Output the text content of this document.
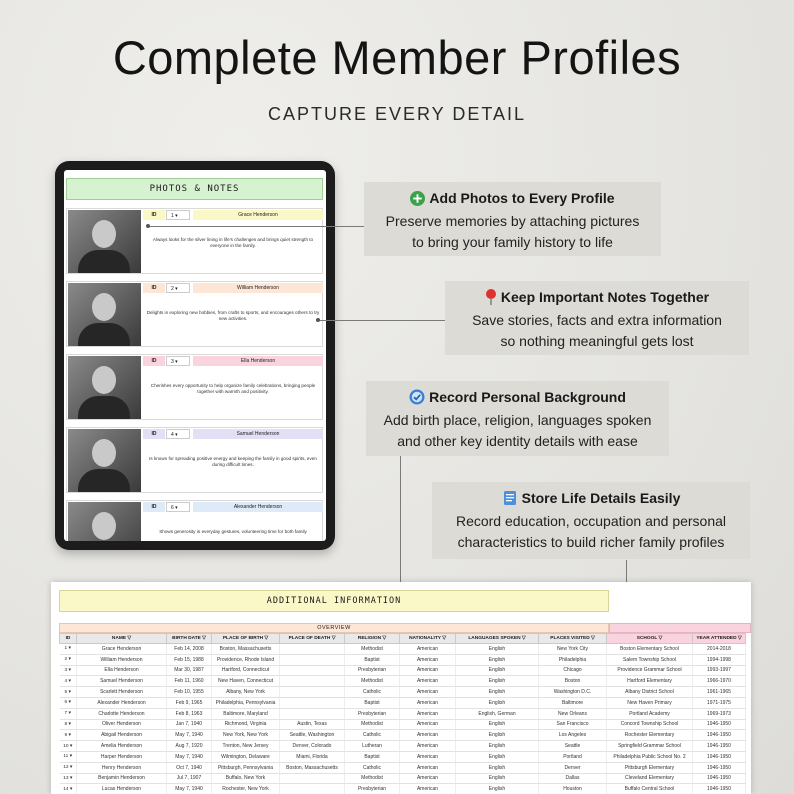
Complete Member Profiles
CAPTURE EVERY DETAIL
PHOTOS & NOTES
ID	1 ▾	Grace Henderson
Always looks for the silver lining in life's challenges and brings quiet strength to everyone in the family.
ID	2 ▾	William Henderson
Delights in exploring new hobbies, from crafts to sports, and encourages others to try new activities.
ID	3 ▾	Ella Henderson
Cherishes every opportunity to help organize family celebrations, bringing people together with warmth and positivity.
ID	4 ▾	Samuel Henderson
Is known for spreading positive energy and keeping the family in good spirits, even during difficult times.
ID	6 ▾	Alexander Henderson
Shows generosity in everyday gestures, volunteering time for both family
Add Photos to Every Profile
Preserve memories by attaching pictures
to bring your family history to life
Keep Important Notes Together
Save stories, facts and extra information
so nothing meaningful gets lost
Record Personal Background
Add birth place, religion, languages spoken
and other key identity details with ease
Store Life Details Easily
Record education, occupation and personal
characteristics to build richer family profiles
ADDITIONAL INFORMATION
OVERVIEW
ID	NAME ▽	BIRTH DATE ▽	PLACE OF BIRTH ▽	PLACE OF DEATH ▽	RELIGION ▽	NATIONALITY ▽	LANGUAGES SPOKEN ▽	PLACES VISITED ▽	SCHOOL ▽	YEAR ATTENDED ▽
1 ▾	Grace Henderson	Feb 14, 2008	Boston, Massachusetts		Methodist	American	English	New York City	Boston Elementary School	2014-2018
2 ▾	William Henderson	Feb 15, 1988	Providence, Rhode Island		Baptist	American	English	Philadelphia	Salem Township School	1994-1998
3 ▾	Ella Henderson	Mar 30, 1987	Hartford, Connecticut		Presbyterian	American	English	Chicago	Providence Grammar School	1993-1997
4 ▾	Samuel Henderson	Feb 11, 1960	New Haven, Connecticut		Methodist	American	English	Boston	Hartford Elementary	1966-1970
5 ▾	Scarlett Henderson	Feb 10, 1955	Albany, New York		Catholic	American	English	Washington D.C.	Albany District School	1961-1965
6 ▾	Alexander Henderson	Feb 9, 1965	Philadelphia, Pennsylvania		Baptist	American	English	Baltimore	New Haven Primary	1971-1975
7 ▾	Charlotte Henderson	Feb 8, 1963	Baltimore, Maryland		Presbyterian	American	English, German	New Orleans	Portland Academy	1969-1973
8 ▾	Oliver Henderson	Jan 7, 1940	Richmond, Virginia	Austin, Texas	Methodist	American	English	San Francisco	Concord Township School	1946-1950
9 ▾	Abigail Henderson	May 7, 1940	New York, New York	Seattle, Washington	Catholic	American	English	Los Angeles	Rochester Elementary	1946-1950
10 ▾	Amelia Henderson	Aug 7, 1920	Trenton, New Jersey	Denver, Colorado	Lutheran	American	English	Seattle	Springfield Grammar School	1946-1950
11 ▾	Harper Henderson	May 7, 1940	Wilmington, Delaware	Miami, Florida	Baptist	American	English	Portland	Philadelphia Public School No. 2	1946-1950
12 ▾	Henry Henderson	Oct 7, 1940	Pittsburgh, Pennsylvania	Boston, Massachusetts	Catholic	American	English	Denver	Pittsburgh Elementary	1946-1950
13 ▾	Benjamin Henderson	Jul 7, 1907	Buffalo, New York		Methodist	American	English	Dallas	Cleveland Elementary	1946-1950
14 ▾	Lucas Henderson	May 7, 1940	Rochester, New York		Presbyterian	American	English	Houston	Buffalo Central School	1946-1950
